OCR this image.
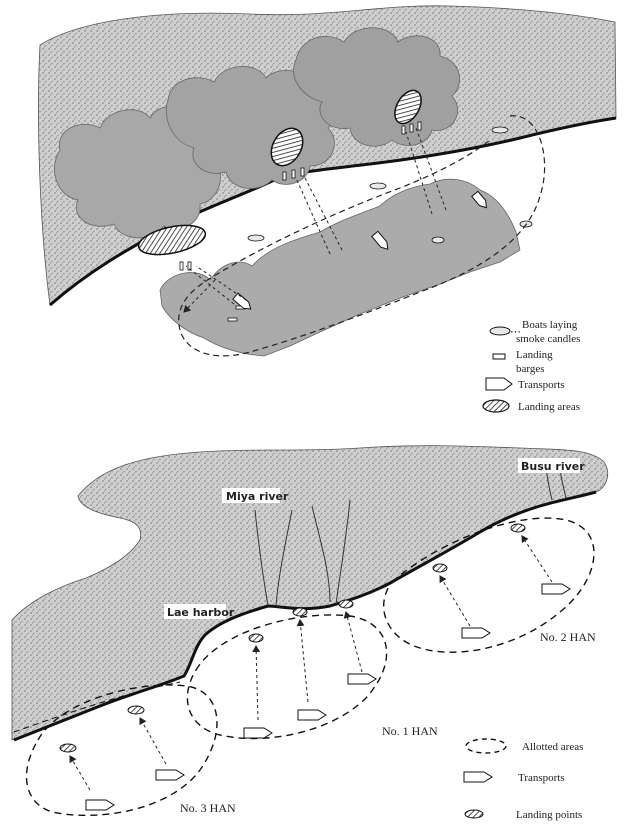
Boats laying
smoke candles
⋯
Landing
barges
Transports
Landing areas
Miya river
Busu river
Lae harbor
No. 1 HAN
No. 2 HAN
No. 3 HAN
Allotted areas
Transports
Landing points
